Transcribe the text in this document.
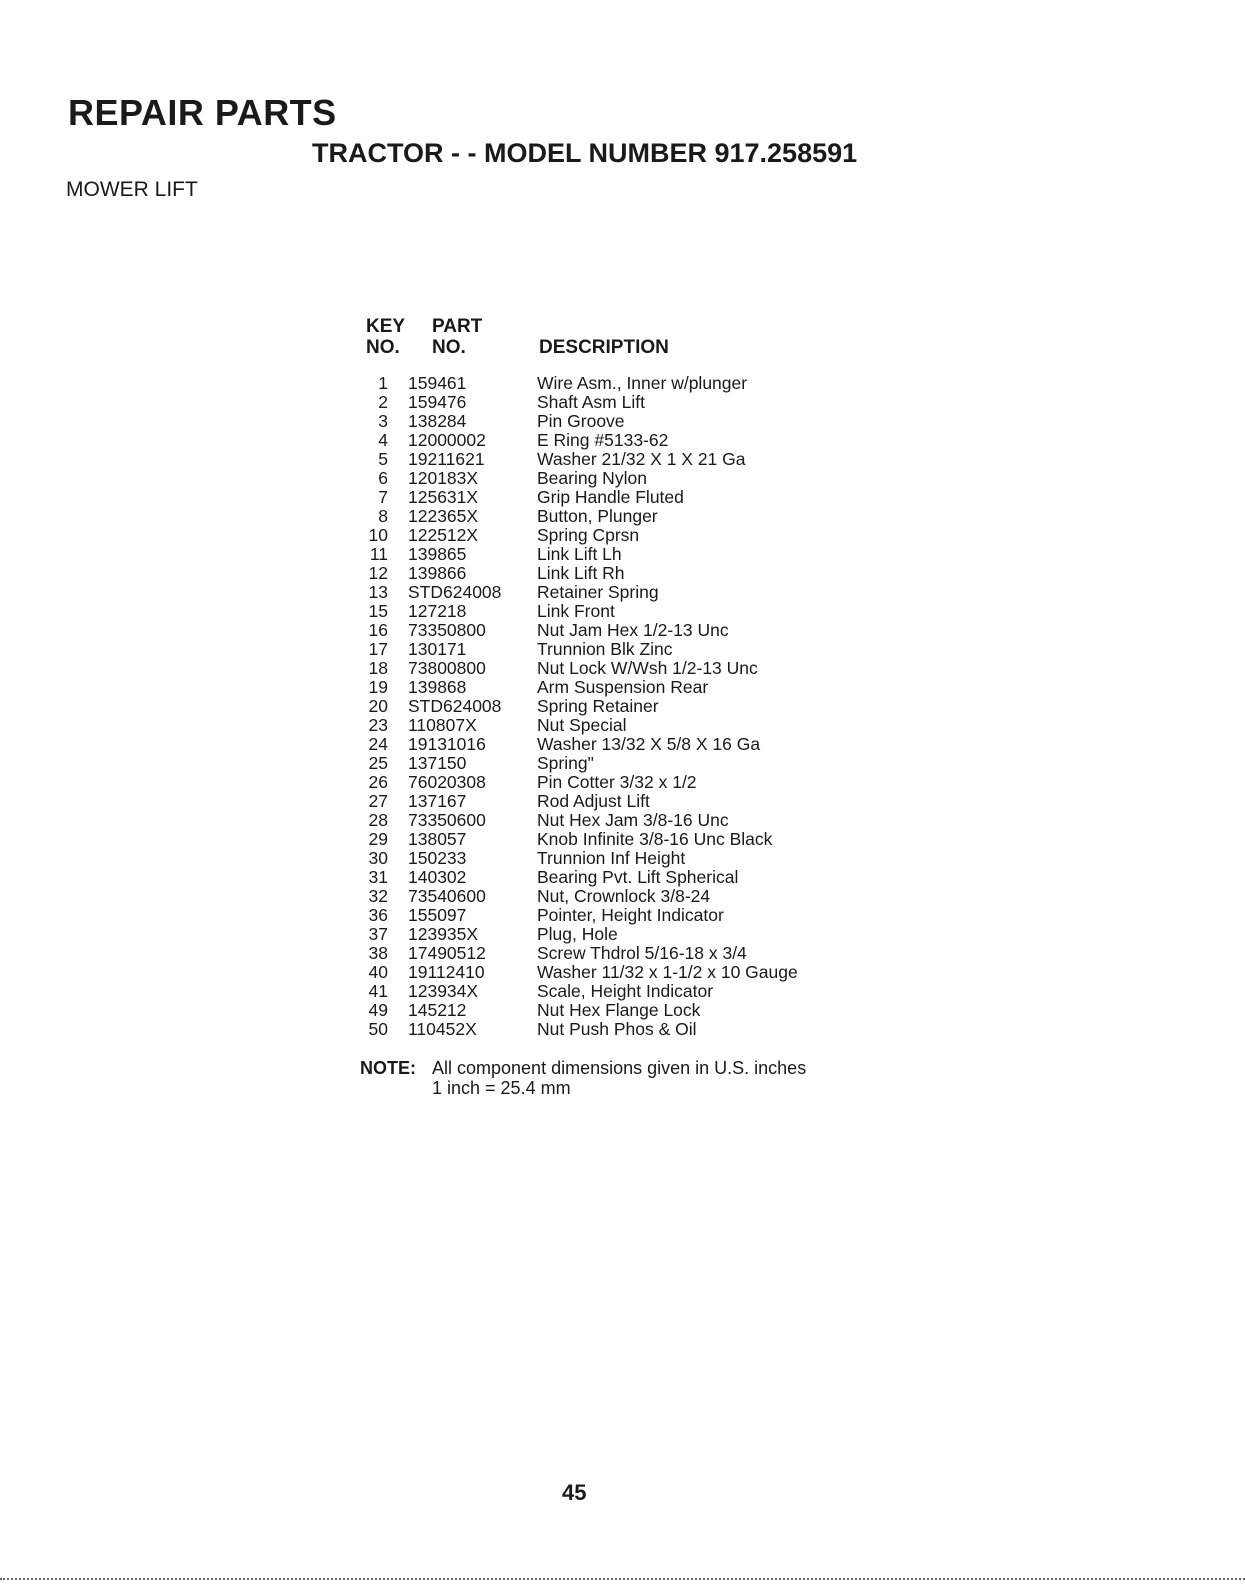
REPAIR PARTS
TRACTOR - - MODEL NUMBER 917.258591
MOWER LIFT
KEY
NO.
PART
NO.	DESCRIPTION
1 159461	Wire Asm., Inner w/plunger
2 159476	Shaft Asm Lift
3 138284	Pin Groove
4 12000002	E Ring #5133-62
5 19211621	Washer 21/32 X 1 X 21 Ga
6 120183X	Bearing Nylon
7 125631X	Grip Handle Fluted
8 122365X	Button, Plunger
10 122512X	Spring Cprsn
11 139865	Link Lift Lh
12 139866	Link Lift Rh
13 STD624008 Retainer Spring
15 127218	Link Front
16 73350800	Nut Jam Hex 1/2-13 Unc
17 130171	Trunnion Blk Zinc
18 73800800	Nut Lock W/Wsh 1/2-13 Unc
19 139868	Arm Suspension Rear
20 STD624008 Spring Retainer
23 110807X	Nut Special
24 19131016	Washer 13/32 X 5/8 X 16 Ga
25 137150	Spring"
26 76020308	Pin Cotter 3/32 x 1/2
27 137167	Rod Adjust Lift
28 73350600	Nut Hex Jam 3/8-16 Unc
29 138057	Knob Infinite 3/8-16 Unc Black
30 150233	Trunnion Inf Height
31 140302	Bearing Pvt. Lift Spherical
32 73540600	Nut, Crownlock 3/8-24
36 155097	Pointer, Height Indicator
37 123935X	Plug, Hole
38 17490512	Screw Thdrol 5/16-18 x 3/4
40 19112410	Washer 11/32 x 1-1/2 x 10 Gauge
41 123934X	Scale, Height Indicator
49 145212	Nut Hex Flange Lock
50 110452X	Nut Push Phos & Oil
NOTE: All component dimensions given in U.S. inches
1 inch = 25.4 mm
45
